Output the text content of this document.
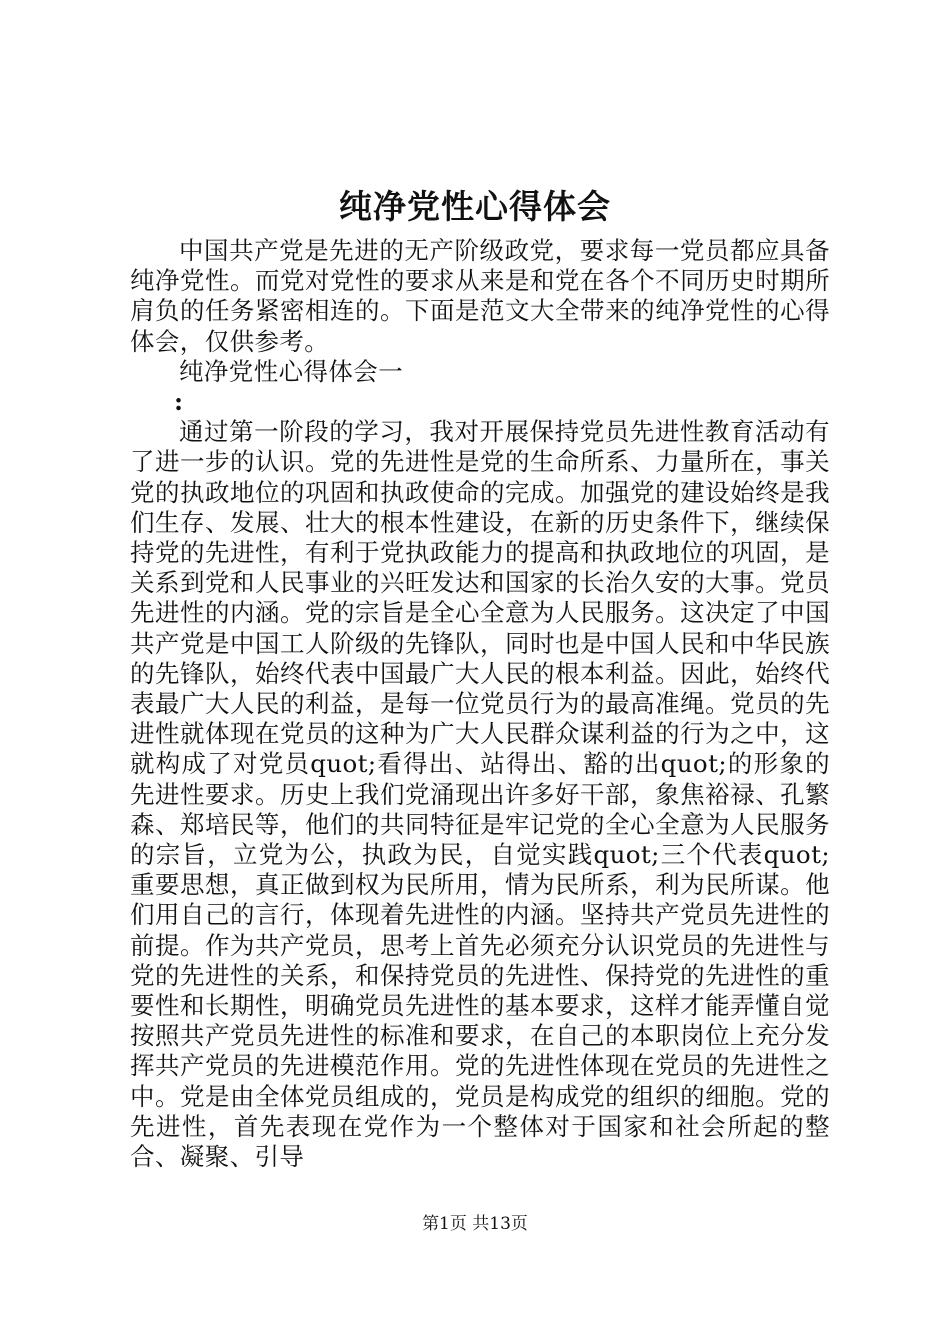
纯净党性心得体会

中国共产党是先进的无产阶级政党，要求每一党员都应具备纯净党性。而党对党性的要求从来是和党在各个不同历史时期所肩负的任务紧密相连的。下面是范文大全带来的纯净党性的心得体会，仅供参考。

纯净党性心得体会一

:

通过第一阶段的学习，我对开展保持党员先进性教育活动有了进一步的认识。党的先进性是党的生命所系、力量所在，事关党的执政地位的巩固和执政使命的完成。加强党的建设始终是我们生存、发展、壮大的根本性建设，在新的历史条件下，继续保持党的先进性，有利于党执政能力的提高和执政地位的巩固，是关系到党和人民事业的兴旺发达和国家的长治久安的大事。党员先进性的内涵。党的宗旨是全心全意为人民服务。这决定了中国共产党是中国工人阶级的先锋队，同时也是中国人民和中华民族的先锋队，始终代表中国最广大人民的根本利益。因此，始终代表最广大人民的利益，是每一位党员行为的最高准绳。党员的先进性就体现在党员的这种为广大人民群众谋利益的行为之中，这就构成了对党员quot;看得出、站得出、豁的出quot;的形象的先进性要求。历史上我们党涌现出许多好干部，象焦裕禄、孔繁森、郑培民等，他们的共同特征是牢记党的全心全意为人民服务的宗旨，立党为公，执政为民，自觉实践quot;三个代表quot;重要思想，真正做到权为民所用，情为民所系，利为民所谋。他们用自己的言行，体现着先进性的内涵。坚持共产党员先进性的前提。作为共产党员，思考上首先必须充分认识党员的先进性与党的先进性的关系，和保持党员的先进性、保持党的先进性的重要性和长期性，明确党员先进性的基本要求，这样才能弄懂自觉按照共产党员先进性的标准和要求，在自己的本职岗位上充分发挥共产党员的先进模范作用。党的先进性体现在党员的先进性之中。党是由全体党员组成的，党员是构成党的组织的细胞。党的先进性，首先表现在党作为一个整体对于国家和社会所起的整合、凝聚、引导

第1页 共13页
